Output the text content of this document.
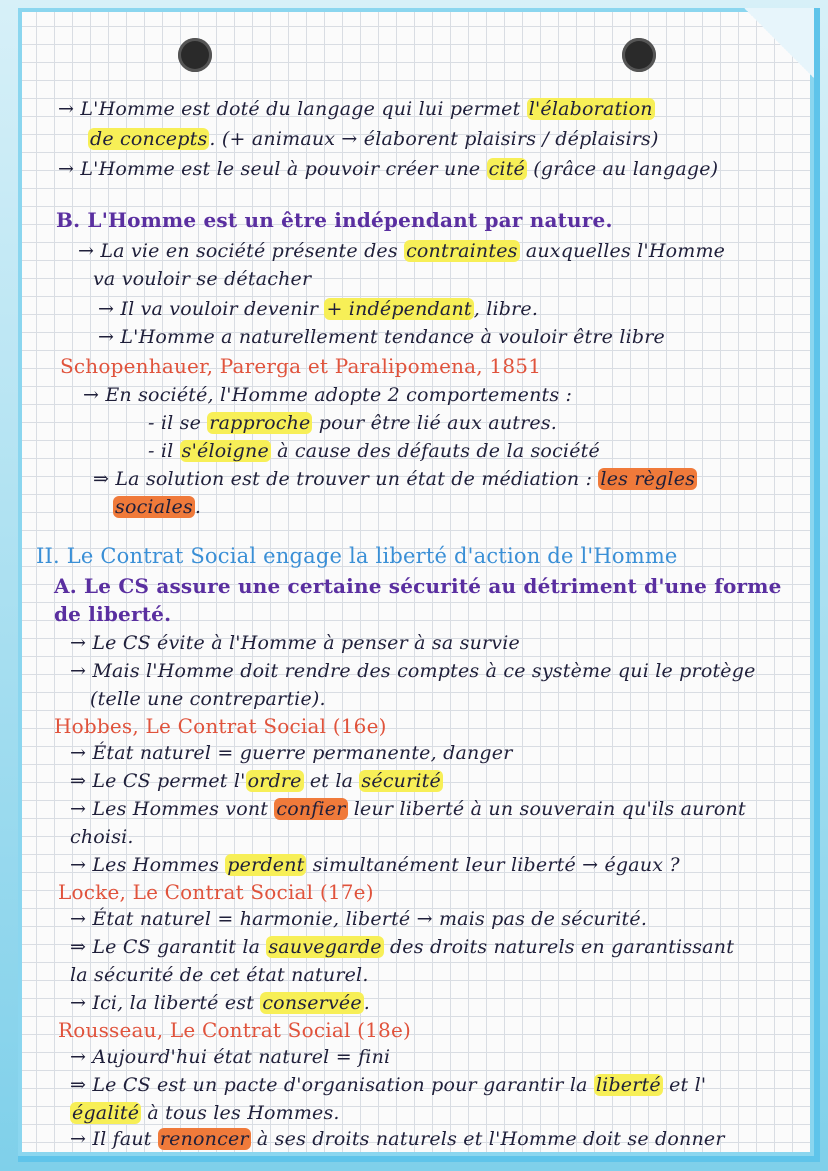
→ L'Homme est doté du langage qui lui permet l'élaboration
de concepts . (+ animaux → élaborent plaisirs / déplaisirs)
→ L'Homme est le seul à pouvoir créer une cité (grâce au langage)
B. L'Homme est un être indépendant par nature.
→ La vie en société présente des contraintes auxquelles l'Homme
va vouloir se détacher
→ Il va vouloir devenir + indépendant , libre.
→ L'Homme a naturellement tendance à vouloir être libre
Schopenhauer, Parerga et Paralipomena, 1851
→ En société, l'Homme adopte 2 comportements :
- il se rapproche pour être lié aux autres.
- il s'éloigne à cause des défauts de la société
⇒ La solution est de trouver un état de médiation : les règles
sociales .
II. Le Contrat Social engage la liberté d'action de l'Homme
A. Le CS assure une certaine sécurité au détriment d'une forme
de liberté.
→ Le CS évite à l'Homme à penser à sa survie
→ Mais l'Homme doit rendre des comptes à ce système qui le protège
(telle une contrepartie).
Hobbes, Le Contrat Social (16e)
→ État naturel = guerre permanente, danger
⇒ Le CS permet l' ordre et la sécurité
→ Les Hommes vont confier leur liberté à un souverain qu'ils auront
choisi.
→ Les Hommes perdent simultanément leur liberté → égaux ?
Locke, Le Contrat Social (17e)
→ État naturel = harmonie, liberté → mais pas de sécurité.
⇒ Le CS garantit la sauvegarde des droits naturels en garantissant
la sécurité de cet état naturel.
→ Ici, la liberté est conservée .
Rousseau, Le Contrat Social (18e)
→ Aujourd'hui état naturel = fini
⇒ Le CS est un pacte d'organisation pour garantir la liberté et l'
égalité à tous les Hommes.
→ Il faut renoncer à ses droits naturels et l'Homme doit se donner
